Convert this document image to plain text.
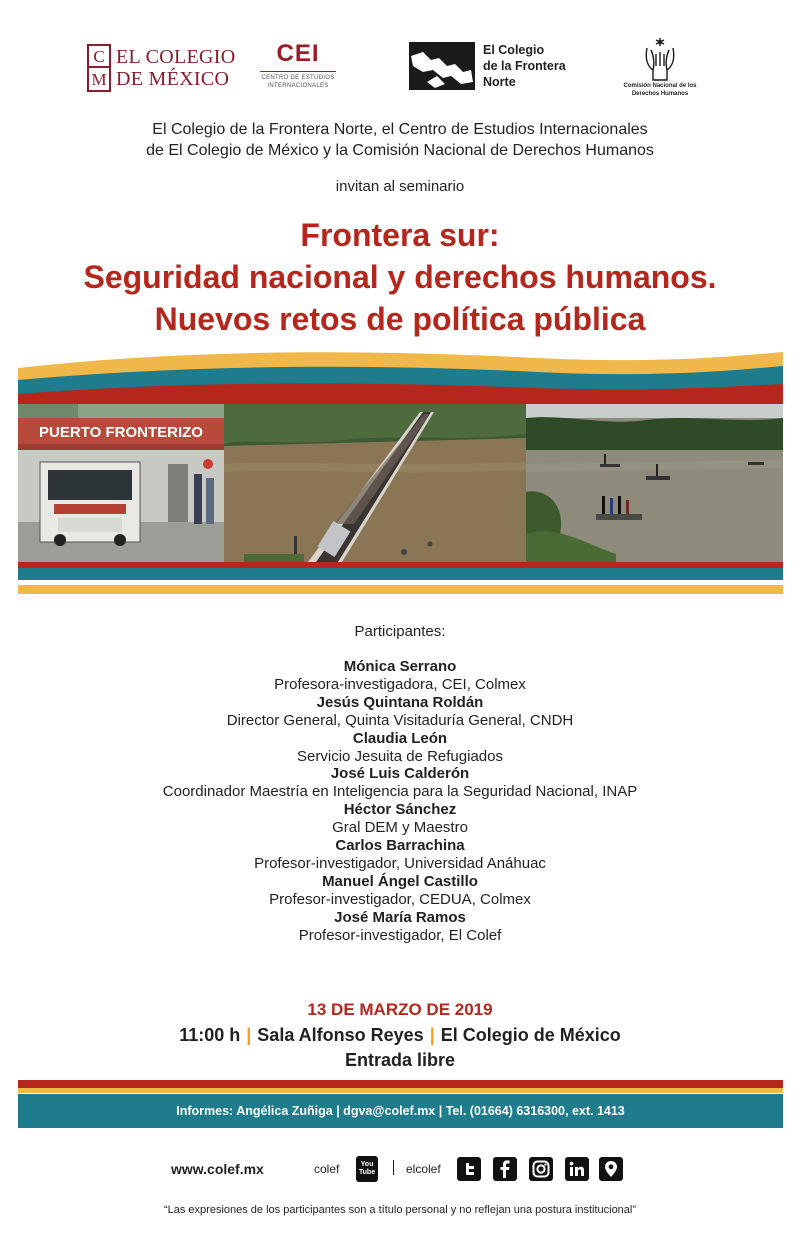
C
M
EL COLEGIO
DE MÉXICO
CEI
CENTRO DE ESTUDIOS
INTERNACIONALES
El Colegio
de la Frontera
Norte	Comisión Nacional de los
Derechos Humanos
El Colegio de la Frontera Norte, el Centro de Estudios Internacionales
de El Colegio de México y la Comisión Nacional de Derechos Humanos
invitan al seminario
Frontera sur:
Seguridad nacional y derechos humanos.
Nuevos retos de política pública
PUERTO FRONTERIZO
Participantes:
Mónica Serrano
Profesora-investigadora, CEI, Colmex
Jesús Quintana Roldán
Director General, Quinta Visitaduría General, CNDH
Claudia León
Servicio Jesuita de Refugiados
José Luis Calderón
Coordinador Maestría en Inteligencia para la Seguridad Nacional, INAP
Héctor Sánchez
Gral DEM y Maestro
Carlos Barrachina
Profesor-investigador, Universidad Anáhuac
Manuel Ángel Castillo
Profesor-investigador, CEDUA, Colmex
José María Ramos
Profesor-investigador, El Colef
13 DE MARZO DE 2019
11:00 h | Sala Alfonso Reyes | El Colegio de México
Entrada libre
Informes: Angélica Zuñiga | dgva@colef.mx | Tel. (01664) 6316300, ext. 1413
www.colef.mx	colef	You
Tube	elcolef
“Las expresiones de los participantes son a título personal y no reflejan una postura institucional”
